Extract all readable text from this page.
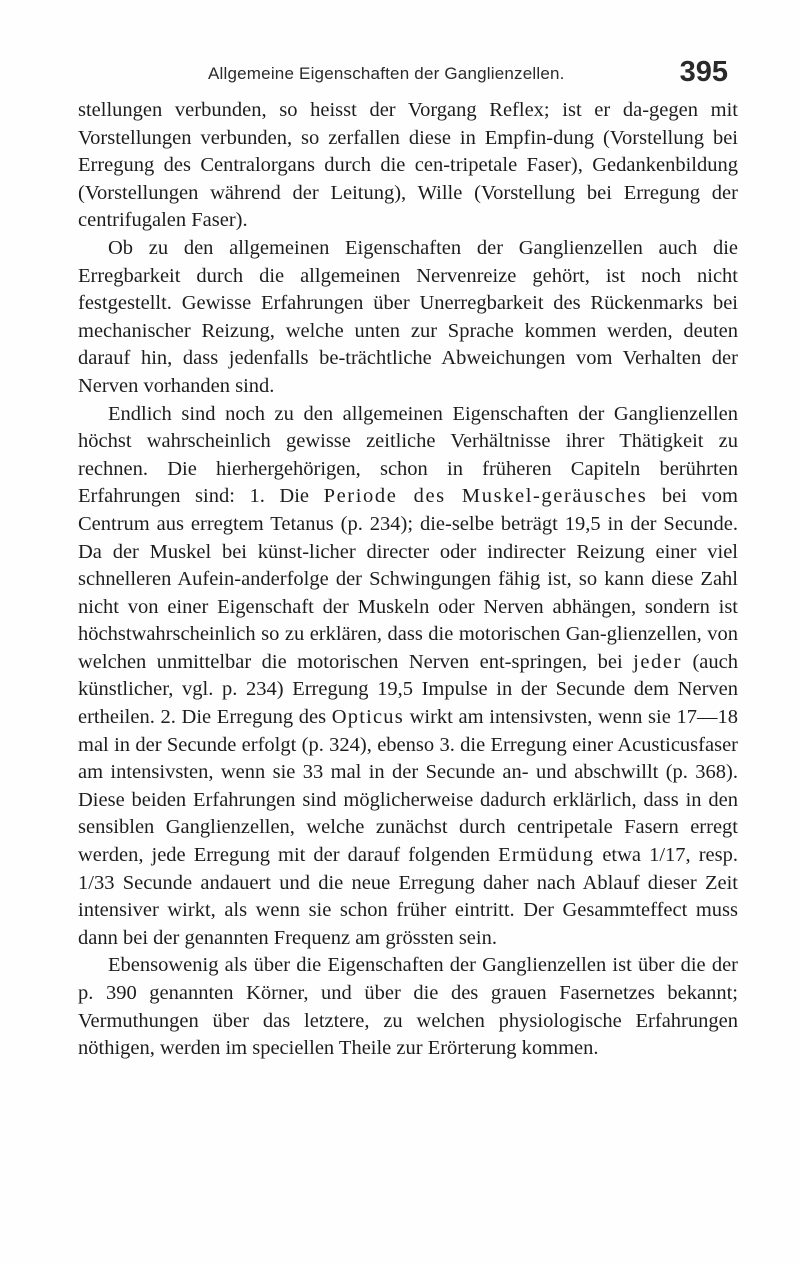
Allgemeine Eigenschaften der Ganglienzellen.	395

stellungen verbunden, so heisst der Vorgang Reflex; ist er da-gegen mit Vorstellungen verbunden, so zerfallen diese in Empfin-dung (Vorstellung bei Erregung des Centralorgans durch die cen-tripetale Faser), Gedankenbildung (Vorstellungen während der Leitung), Wille (Vorstellung bei Erregung der centrifugalen Faser).

Ob zu den allgemeinen Eigenschaften der Ganglienzellen auch die Erregbarkeit durch die allgemeinen Nervenreize gehört, ist noch nicht festgestellt. Gewisse Erfahrungen über Unerregbarkeit des Rückenmarks bei mechanischer Reizung, welche unten zur Sprache kommen werden, deuten darauf hin, dass jedenfalls be-trächtliche Abweichungen vom Verhalten der Nerven vorhanden sind.

Endlich sind noch zu den allgemeinen Eigenschaften der Ganglienzellen höchst wahrscheinlich gewisse zeitliche Verhältnisse ihrer Thätigkeit zu rechnen. Die hierhergehörigen, schon in früheren Capiteln berührten Erfahrungen sind: 1. Die Periode des Muskel-geräusches bei vom Centrum aus erregtem Tetanus (p. 234); die-selbe beträgt 19,5 in der Secunde. Da der Muskel bei künst-licher directer oder indirecter Reizung einer viel schnelleren Aufein-anderfolge der Schwingungen fähig ist, so kann diese Zahl nicht von einer Eigenschaft der Muskeln oder Nerven abhängen, sondern ist höchstwahrscheinlich so zu erklären, dass die motorischen Gan-glienzellen, von welchen unmittelbar die motorischen Nerven ent-springen, bei jeder (auch künstlicher, vgl. p. 234) Erregung 19,5 Impulse in der Secunde dem Nerven ertheilen. 2. Die Erregung des Opticus wirkt am intensivsten, wenn sie 17—18 mal in der Secunde erfolgt (p. 324), ebenso 3. die Erregung einer Acusticusfaser am intensivsten, wenn sie 33 mal in der Secunde an- und abschwillt (p. 368). Diese beiden Erfahrungen sind möglicherweise dadurch erklärlich, dass in den sensiblen Ganglienzellen, welche zunächst durch centripetale Fasern erregt werden, jede Erregung mit der darauf folgenden Ermüdung etwa 1/17, resp. 1/33 Secunde andauert und die neue Erregung daher nach Ablauf dieser Zeit intensiver wirkt, als wenn sie schon früher eintritt. Der Gesammteffect muss dann bei der genannten Frequenz am grössten sein.

Ebensowenig als über die Eigenschaften der Ganglienzellen ist über die der p. 390 genannten Körner, und über die des grauen Fasernetzes bekannt; Vermuthungen über das letztere, zu welchen physiologische Erfahrungen nöthigen, werden im speciellen Theile zur Erörterung kommen.
